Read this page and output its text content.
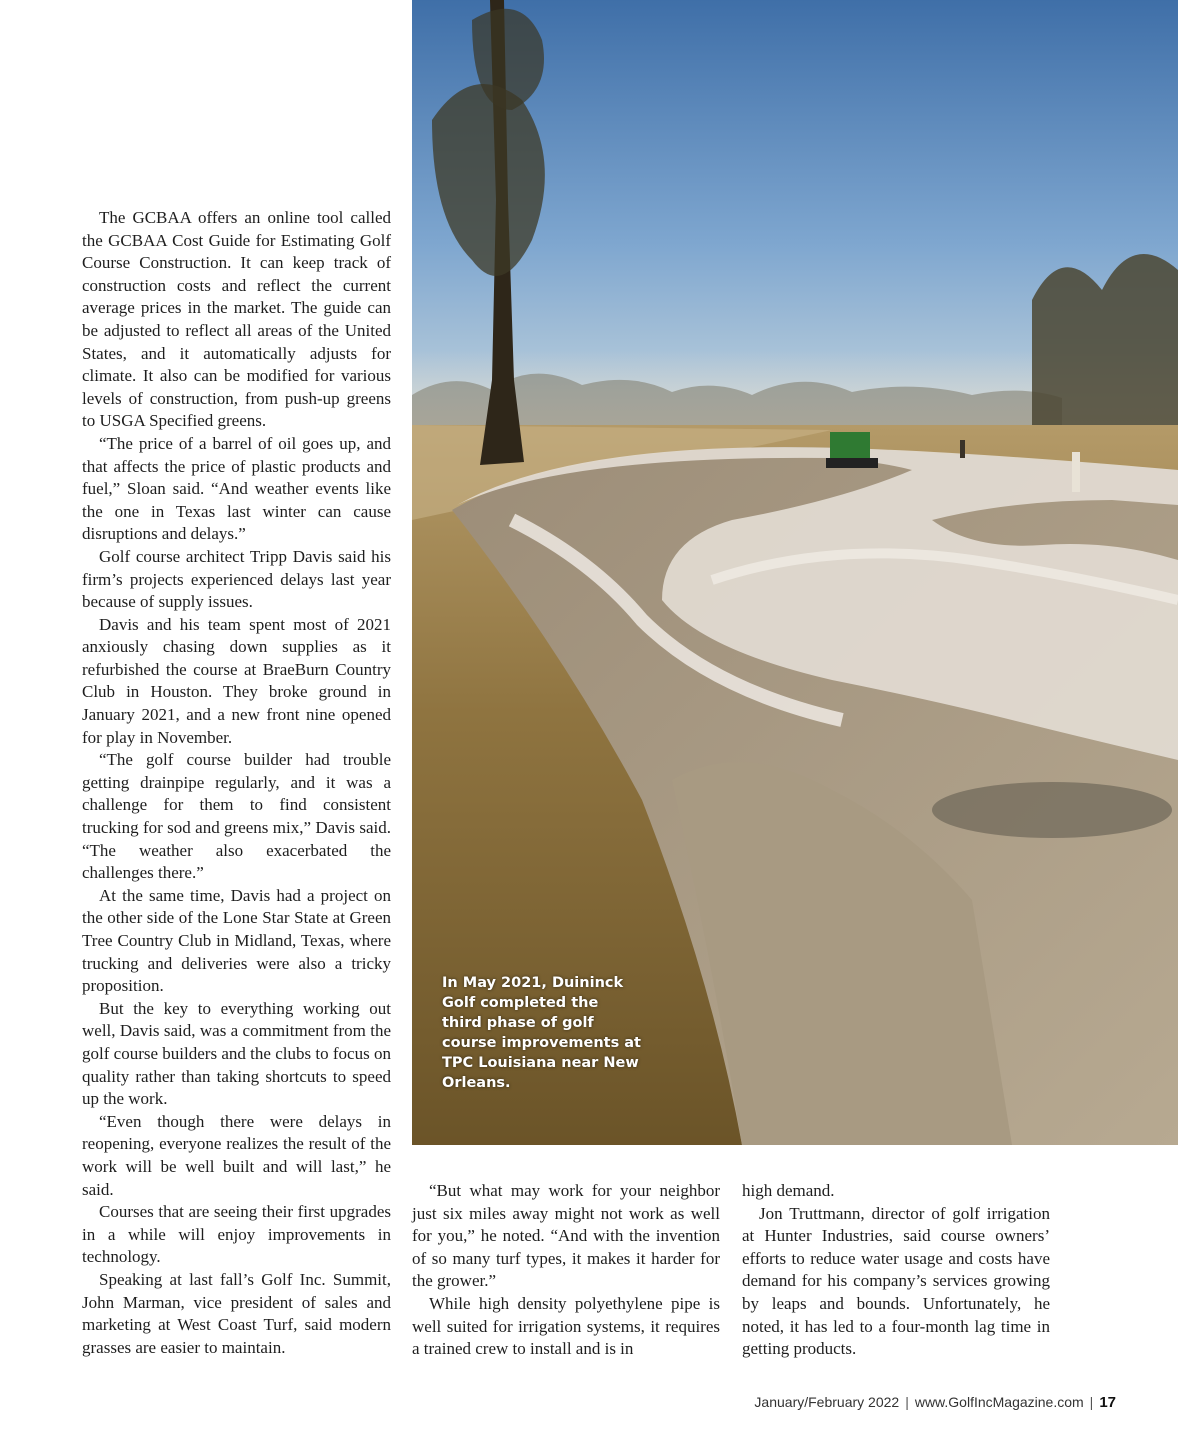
The GCBAA offers an online tool called the GCBAA Cost Guide for Estimating Golf Course Construction. It can keep track of construction costs and reflect the current average prices in the market. The guide can be adjusted to reflect all areas of the United States, and it automatically adjusts for climate. It also can be modified for various levels of construction, from push-up greens to USGA Specified greens.

“The price of a barrel of oil goes up, and that affects the price of plastic products and fuel,” Sloan said. “And weather events like the one in Texas last winter can cause disruptions and delays.”

Golf course architect Tripp Davis said his firm’s projects experienced delays last year because of supply issues.

Davis and his team spent most of 2021 anxiously chasing down supplies as it refurbished the course at BraeBurn Country Club in Houston. They broke ground in January 2021, and a new front nine opened for play in November.

“The golf course builder had trouble getting drainpipe regularly, and it was a challenge for them to find consistent trucking for sod and greens mix,” Davis said. “The weather also exacerbated the challenges there.”

At the same time, Davis had a project on the other side of the Lone Star State at Green Tree Country Club in Midland, Texas, where trucking and deliveries were also a tricky proposition.

But the key to everything working out well, Davis said, was a commitment from the golf course builders and the clubs to focus on quality rather than taking shortcuts to speed up the work.

“Even though there were delays in reopening, everyone realizes the result of the work will be well built and will last,” he said.

Courses that are seeing their first upgrades in a while will enjoy improvements in technology.

Speaking at last fall’s Golf Inc. Summit, John Marman, vice president of sales and marketing at West Coast Turf, said modern grasses are easier to maintain.

In May 2021, Duininck Golf completed the third phase of golf course improvements at TPC Louisiana near New Orleans.

“But what may work for your neighbor just six miles away might not work as well for you,” he noted. “And with the invention of so many turf types, it makes it harder for the grower.”

While high density polyethylene pipe is well suited for irrigation systems, it requires a trained crew to install and is in

high demand.

Jon Truttmann, director of golf irrigation at Hunter Industries, said course owners’ efforts to reduce water usage and costs have demand for his company’s services growing by leaps and bounds. Unfortunately, he noted, it has led to a four-month lag time in getting products.

January/February 2022 | www.GolfIncMagazine.com | 17
